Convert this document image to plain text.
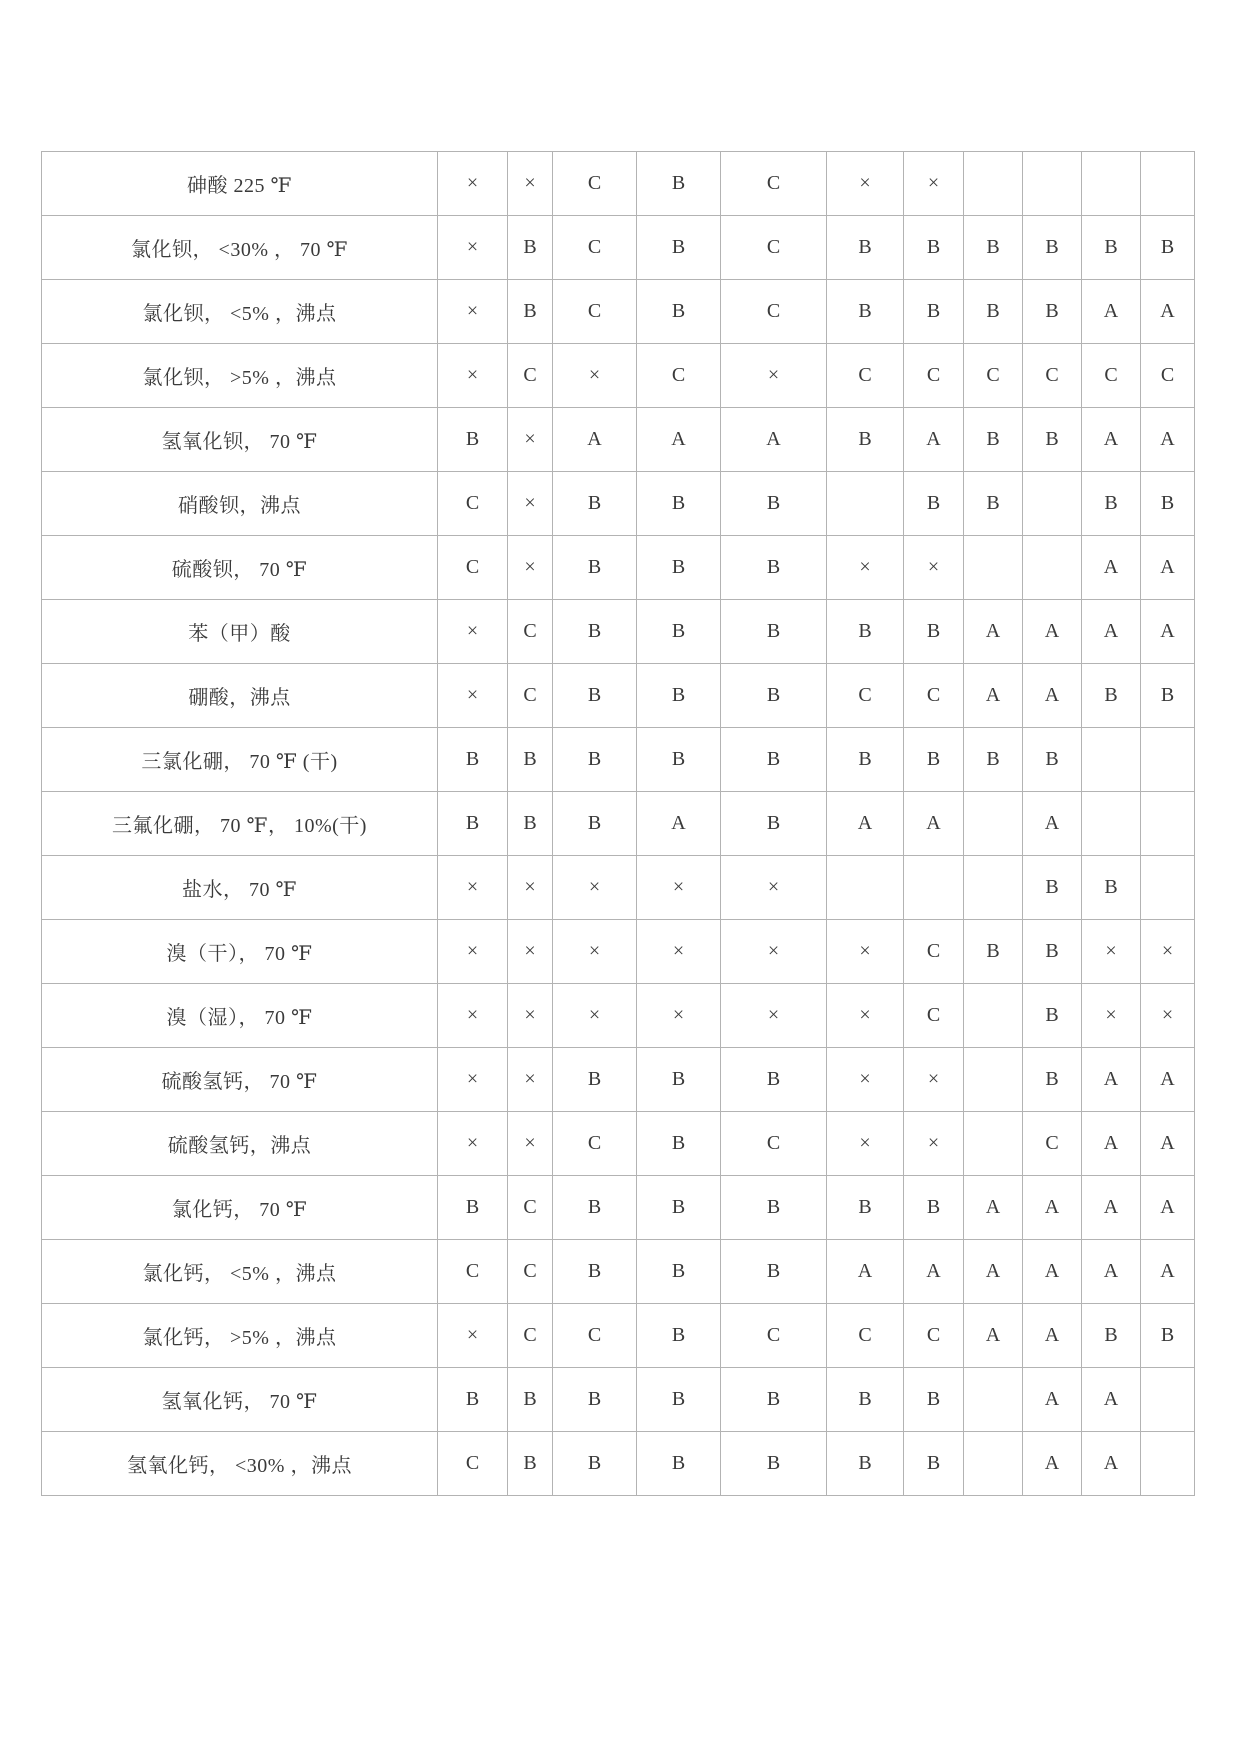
砷酸 225 ℉	×	×	C	B	C	×	×				
氯化钡， <30% ， 70 ℉	×	B	C	B	C	B	B	B	B	B	B
氯化钡， <5% ，沸点	×	B	C	B	C	B	B	B	B	A	A
氯化钡， >5% ，沸点	×	C	×	C	×	C	C	C	C	C	C
氢氧化钡， 70 ℉	B	×	A	A	A	B	A	B	B	A	A
硝酸钡，沸点	C	×	B	B	B		B	B		B	B
硫酸钡， 70 ℉	C	×	B	B	B	×	×			A	A
苯（甲）酸	×	C	B	B	B	B	B	A	A	A	A
硼酸，沸点	×	C	B	B	B	C	C	A	A	B	B
三氯化硼， 70 ℉ (干)	B	B	B	B	B	B	B	B	B		
三氟化硼， 70 ℉， 10%(干)	B	B	B	A	B	A	A		A		
盐水， 70 ℉	×	×	×	×	×				B	B	
溴（干）， 70 ℉	×	×	×	×	×	×	C	B	B	×	×
溴（湿）， 70 ℉	×	×	×	×	×	×	C		B	×	×
硫酸氢钙， 70 ℉	×	×	B	B	B	×	×		B	A	A
硫酸氢钙，沸点	×	×	C	B	C	×	×		C	A	A
氯化钙， 70 ℉	B	C	B	B	B	B	B	A	A	A	A
氯化钙， <5% ，沸点	C	C	B	B	B	A	A	A	A	A	A
氯化钙， >5% ，沸点	×	C	C	B	C	C	C	A	A	B	B
氢氧化钙， 70 ℉	B	B	B	B	B	B	B		A	A	
氢氧化钙， <30% ，沸点	C	B	B	B	B	B	B		A	A	
